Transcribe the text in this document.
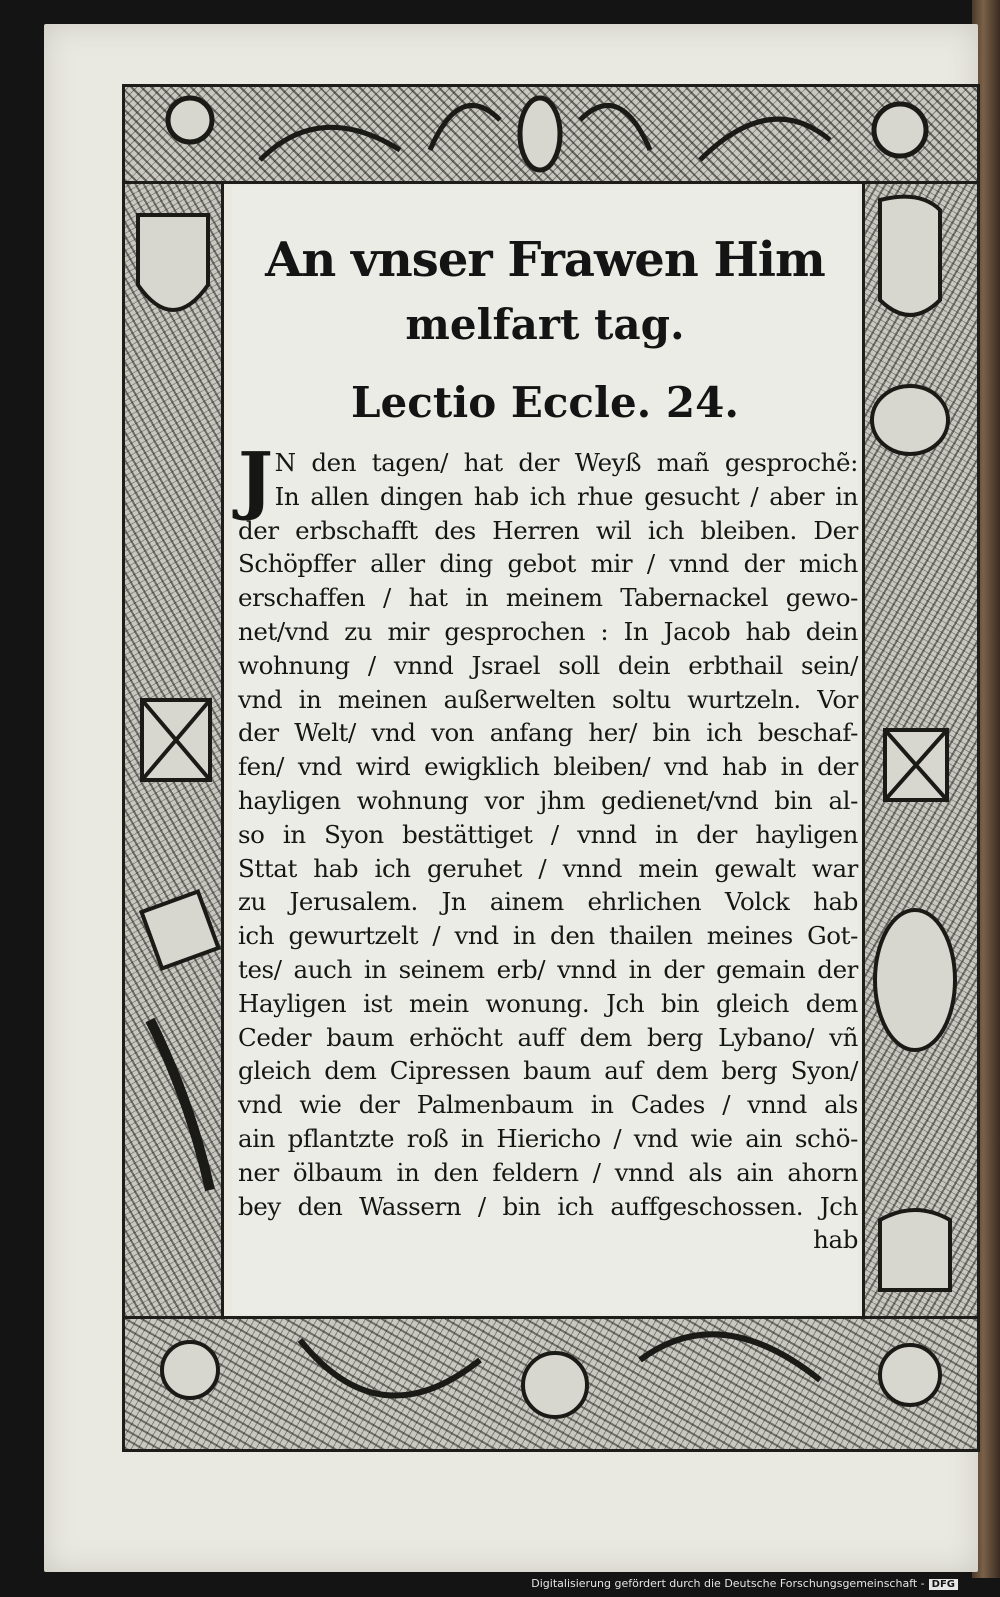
An vnser Frawen Him
melfart tag.
Lectio Eccle. 24.
J N den tagen/ hat der Weyß mañ gesprochẽ:
In allen dingen hab ich rhue gesucht / aber in
der erbschafft des Herren wil ich bleiben. Der
Schöpffer aller ding gebot mir / vnnd der mich
erschaffen / hat in meinem Tabernackel gewo-
net/vnd zu mir gesprochen : In Jacob hab dein
wohnung / vnnd Jsrael soll dein erbthail sein/
vnd in meinen außerwelten soltu wurtzeln. Vor
der Welt/ vnd von anfang her/ bin ich beschaf-
fen/ vnd wird ewigklich bleiben/ vnd hab in der
hayligen wohnung vor jhm gedienet/vnd bin al-
so in Syon bestättiget / vnnd in der hayligen
Sttat hab ich geruhet / vnnd mein gewalt war
zu Jerusalem. Jn ainem ehrlichen Volck hab
ich gewurtzelt / vnd in den thailen meines Got-
tes/ auch in seinem erb/ vnnd in der gemain der
Hayligen ist mein wonung. Jch bin gleich dem
Ceder baum erhöcht auff dem berg Lybano/ vñ
gleich dem Cipressen baum auf dem berg Syon/
vnd wie der Palmenbaum in Cades / vnnd als
ain pflantzte roß in Hiericho / vnd wie ain schö-
ner ölbaum in den feldern / vnnd als ain ahorn
bey den Wassern / bin ich auffgeschossen. Jch
hab
Digitalisierung gefördert durch die Deutsche Forschungsgemeinschaft - DFG
